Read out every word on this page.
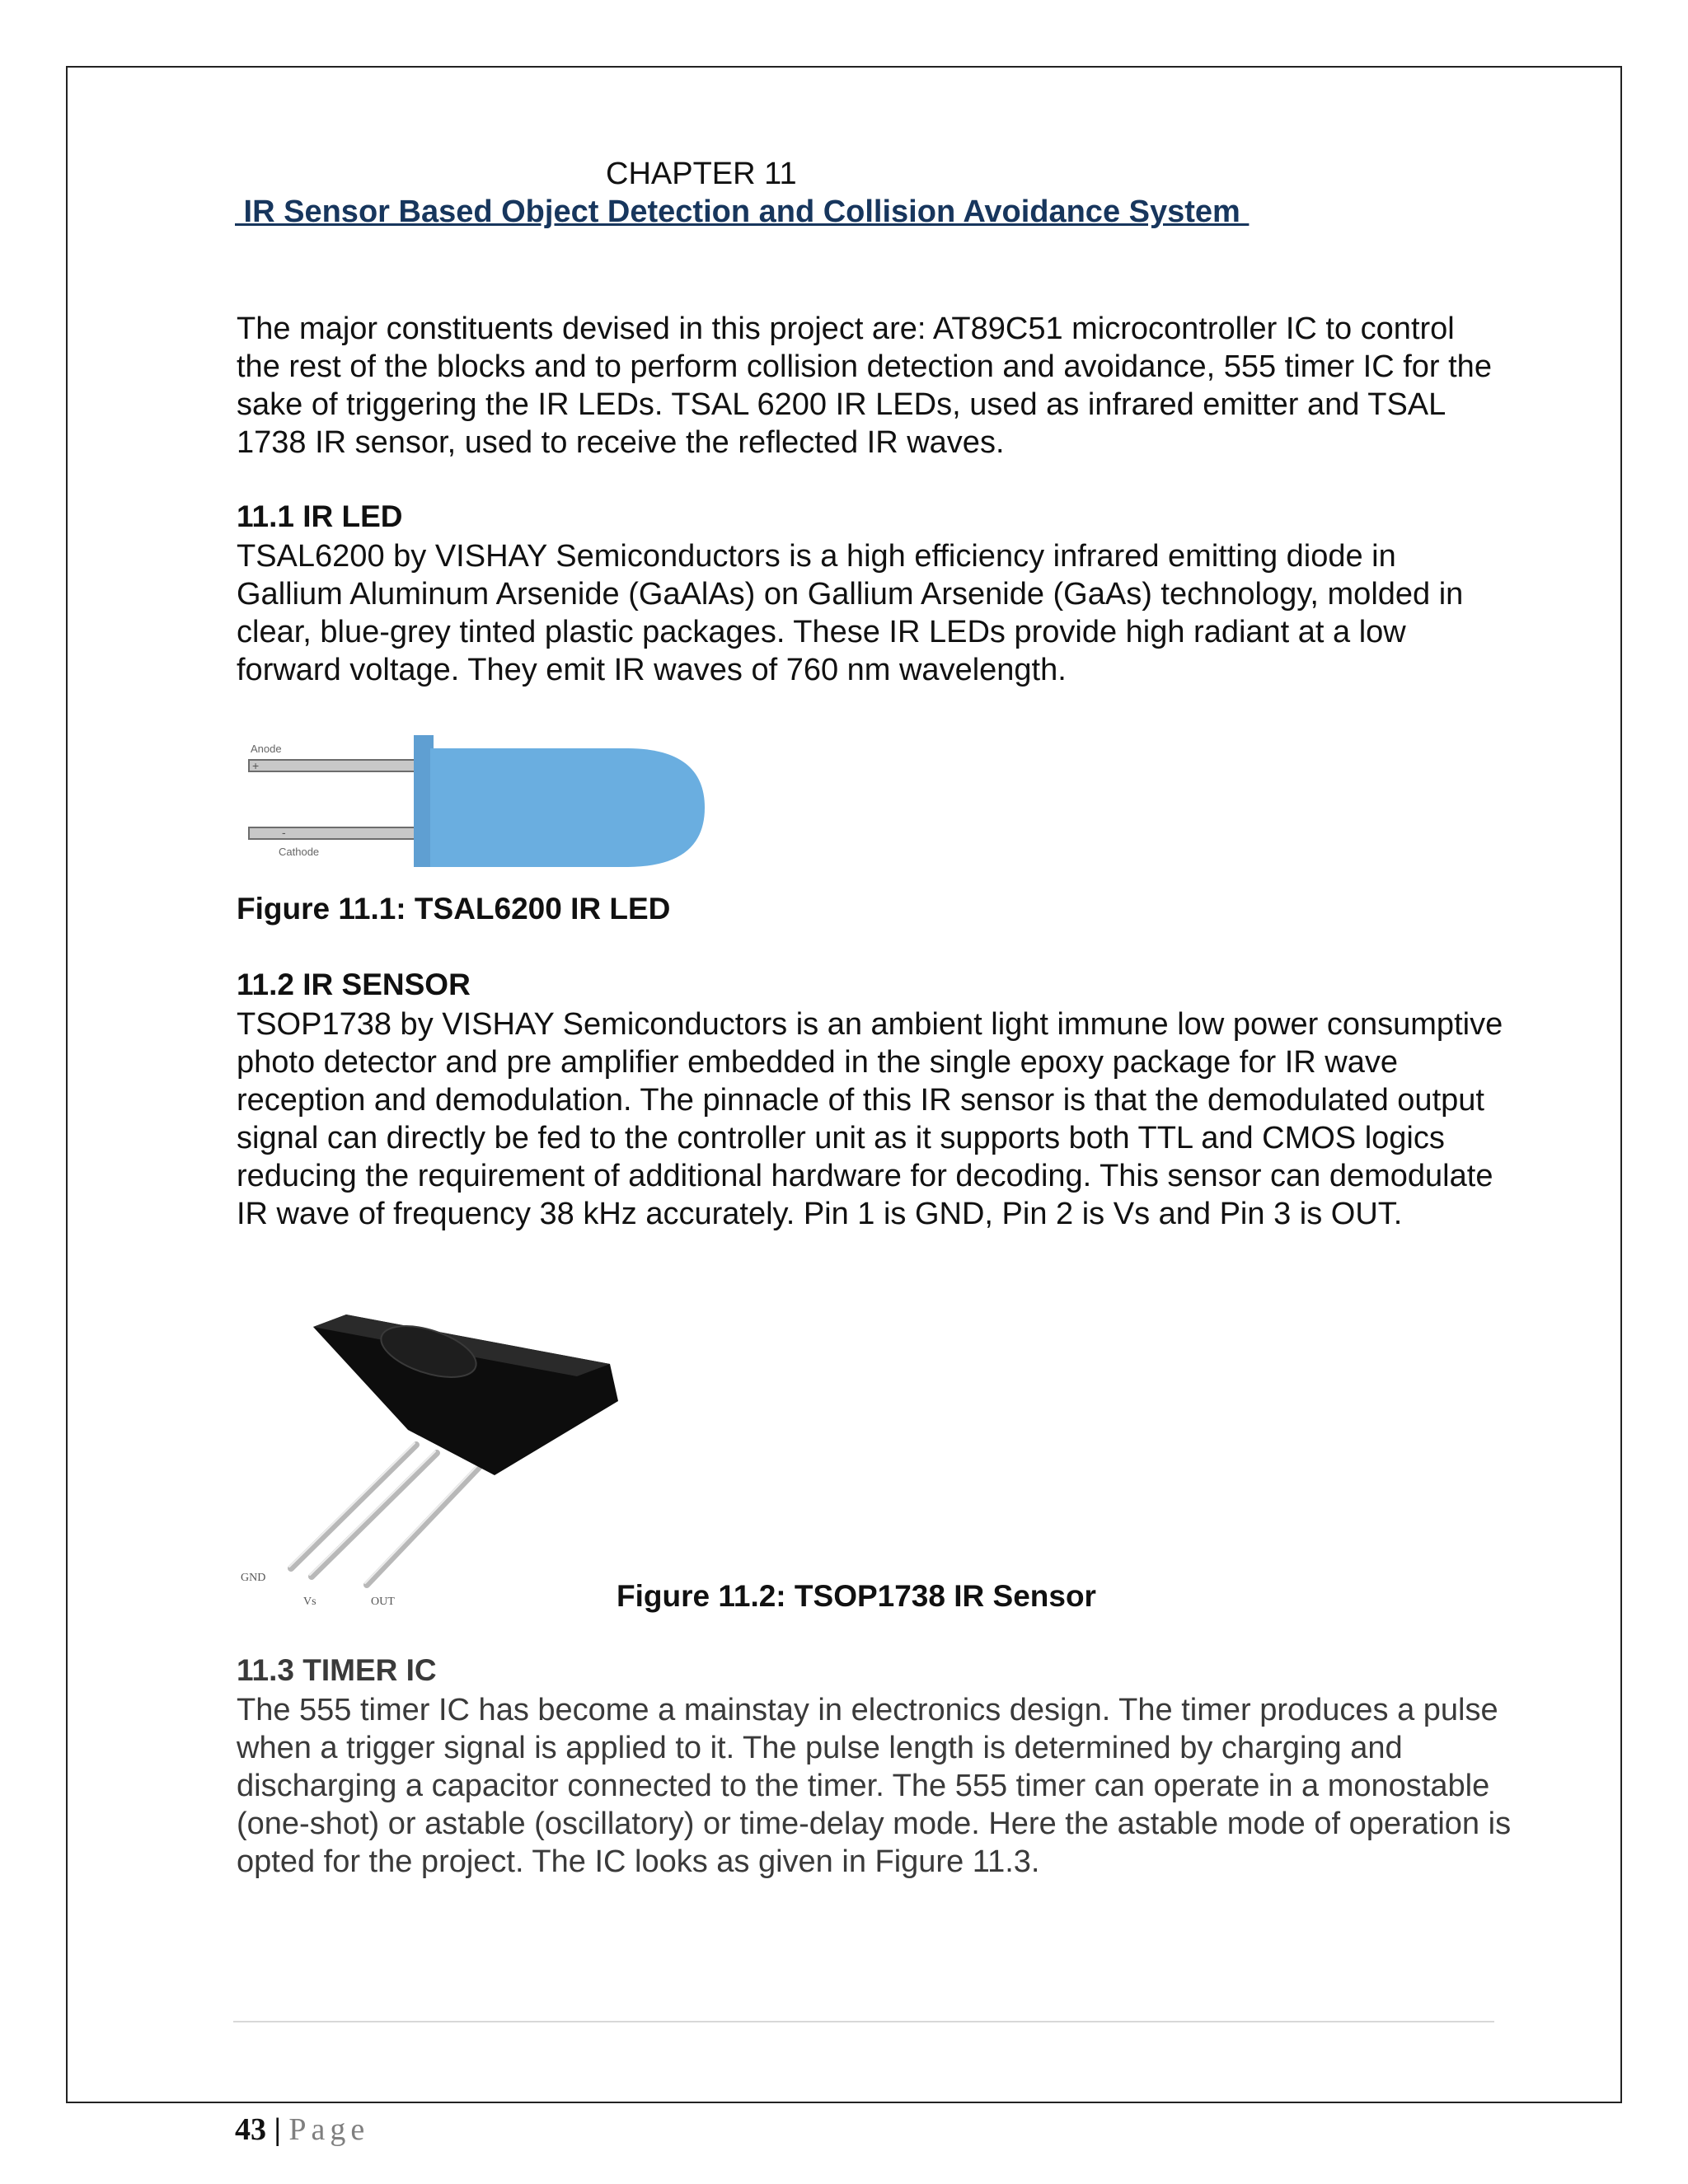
CHAPTER 11
IR Sensor Based Object Detection and Collision Avoidance System

The major constituents devised in this project are: AT89C51 microcontroller IC to control the rest of the blocks and to perform collision detection and avoidance, 555 timer IC for the sake of triggering the IR LEDs. TSAL 6200 IR LEDs, used as infrared emitter and TSAL 1738 IR sensor, used to receive the reflected IR waves.

11.1 IR LED

TSAL6200 by VISHAY Semiconductors is a high efficiency infrared emitting diode in Gallium Aluminum Arsenide (GaAlAs) on Gallium Arsenide (GaAs) technology, molded in clear, blue-grey tinted plastic packages. These IR LEDs provide high radiant at a low forward voltage. They emit IR waves of 760 nm wavelength.

Anode
+
Cathode
-
Figure 11.1: TSAL6200 IR LED
11.2 IR SENSOR

TSOP1738 by VISHAY Semiconductors is an ambient light immune low power consumptive photo detector and pre amplifier embedded in the single epoxy package for IR wave reception and demodulation. The pinnacle of this IR sensor is that the demodulated output signal can directly be fed to the controller unit as it supports both TTL and CMOS logics reducing the requirement of additional hardware for decoding. This sensor can demodulate IR wave of frequency 38 kHz accurately. Pin 1 is GND, Pin 2 is Vs and Pin 3 is OUT.

GND
Vs	OUT	Figure 11.2: TSOP1738 IR Sensor
11.3 TIMER IC

The 555 timer IC has become a mainstay in electronics design. The timer produces a pulse when a trigger signal is applied to it. The pulse length is determined by charging and discharging a capacitor connected to the timer. The 555 timer can operate in a monostable (one-shot) or astable (oscillatory) or time-delay mode. Here the astable mode of operation is opted for the project. The IC looks as given in Figure 11.3.

43 | Page
